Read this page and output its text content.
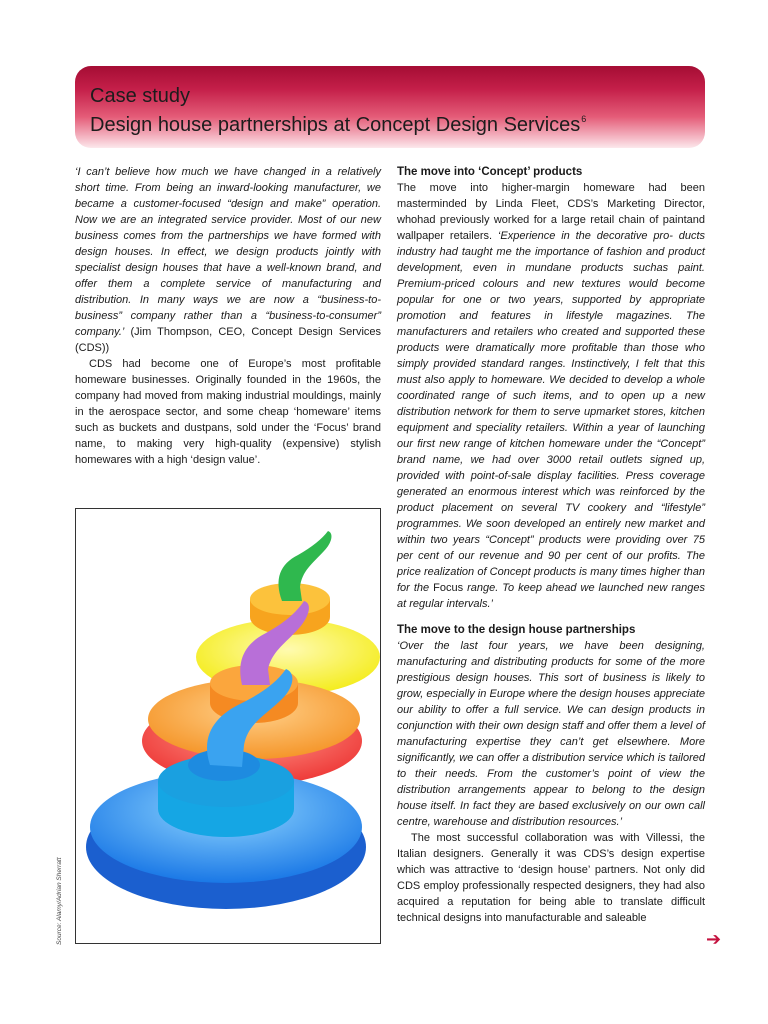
Case study
Design house partnerships at Concept Design Services$^6$

‘I can’t believe how much we have changed in a relatively short time. From being an inward-looking manufacturer, we became a customer-focused “design and make” operation. Now we are an integrated service provider. Most of our new business comes from the partnerships we have formed with design houses. In effect, we design products jointly with specialist design houses that have a well-known brand, and offer them a complete service of manufacturing and distribution. In many ways we are now a “business-to-business” company rather than a “business-to-consumer” company.’ (Jim Thompson, CEO, Concept Design Services (CDS))

CDS had become one of Europe’s most profitable homeware businesses. Originally founded in the 1960s, the company had moved from making industrial mouldings, mainly in the aerospace sector, and some cheap ‘homeware’ items such as buckets and dustpans, sold under the ‘Focus’ brand name, to making very high-quality (expensive) stylish homewares with a high ‘design value’.

Source: Alamy/Adrian Sherratt

The move into ‘Concept’ products

The move into higher-margin homeware had been masterminded by Linda Fleet, CDS’s Marketing Director, whohad previously worked for a large retail chain of paintand wallpaper retailers. ‘Experience in the decorative pro- ducts industry had taught me the importance of fashion and product development, even in mundane products suchas paint. Premium-priced colours and new textures would become popular for one or two years, supported by appropriate promotion and features in lifestyle magazines. The manufacturers and retailers who created and supported these products were dramatically more profitable than those who simply provided standard ranges. Instinctively, I felt that this must also apply to homeware. We decided to develop a whole coordinated range of such items, and to open up a new distribution network for them to serve upmarket stores, kitchen equipment and speciality retailers. Within a year of launching our first new range of kitchen homeware under the “Concept” brand name, we had over 3000 retail outlets signed up, provided with point-of-sale display facilities. Press coverage generated an enormous interest which was reinforced by the product placement on several TV cookery and “lifestyle” programmes. We soon developed an entirely new market and within two years “Concept” products were providing over 75 per cent of our revenue and 90 per cent of our profits. The price realization of Concept products is many times higher than for the Focus range. To keep ahead we launched new ranges at regular intervals.’

The move to the design house partnerships

‘Over the last four years, we have been designing, manufacturing and distributing products for some of the more prestigious design houses. This sort of business is likely to grow, especially in Europe where the design houses appreciate our ability to offer a full service. We can design products in conjunction with their own design staff and offer them a level of manufacturing expertise they can’t get elsewhere. More significantly, we can offer a distribution service which is tailored to their needs. From the customer’s point of view the distribution arrangements appear to belong to the design house itself. In fact they are based exclusively on our own call centre, warehouse and distribution resources.’

The most successful collaboration was with Villessi, the Italian designers. Generally it was CDS’s design expertise which was attractive to ‘design house’ partners. Not only did CDS employ professionally respected designers, they had also acquired a reputation for being able to translate difficult technical designs into manufacturable and saleable

➔
